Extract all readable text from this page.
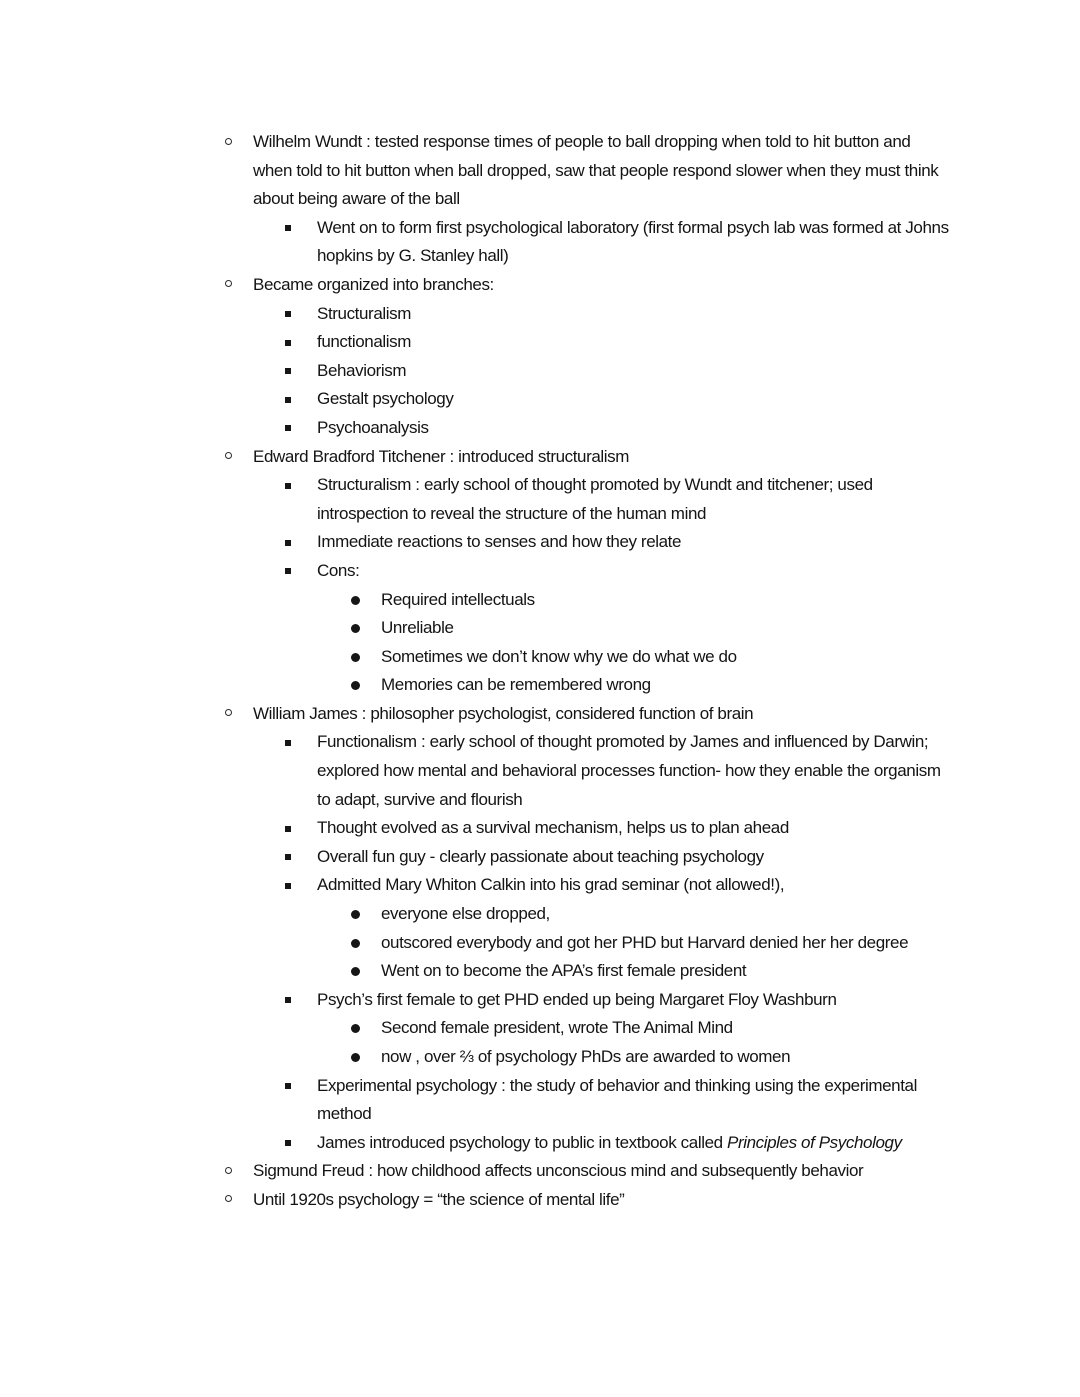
Wilhelm Wundt : tested response times of people to ball dropping when told to hit button and when told to hit button when ball dropped, saw that people respond slower when they must think about being aware of the ball
Went on to form first psychological laboratory (first formal psych lab was formed at Johns hopkins by G. Stanley hall)
Became organized into branches:
Structuralism
functionalism
Behaviorism
Gestalt psychology
Psychoanalysis
Edward Bradford Titchener : introduced structuralism
Structuralism : early school of thought promoted by Wundt and titchener; used introspection to reveal the structure of the human mind
Immediate reactions to senses and how they relate
Cons:
Required intellectuals
Unreliable
Sometimes we don’t know why we do what we do
Memories can be remembered wrong
William James : philosopher psychologist, considered function of brain
Functionalism : early school of thought promoted by James and influenced by Darwin; explored how mental and behavioral processes function- how they enable the organism to adapt, survive and flourish
Thought evolved as a survival mechanism, helps us to plan ahead
Overall fun guy - clearly passionate about teaching psychology
Admitted Mary Whiton Calkin into his grad seminar (not allowed!),
everyone else dropped,
outscored everybody and got her PHD but Harvard denied her her degree
Went on to become the APA’s first female president
Psych’s first female to get PHD ended up being Margaret Floy Washburn
Second female president, wrote The Animal Mind
now , over ⅔ of psychology PhDs are awarded to women
Experimental psychology : the study of behavior and thinking using the experimental method
James introduced psychology to public in textbook called Principles of Psychology
Sigmund Freud : how childhood affects unconscious mind and subsequently behavior
Until 1920s psychology = “the science of mental life”
